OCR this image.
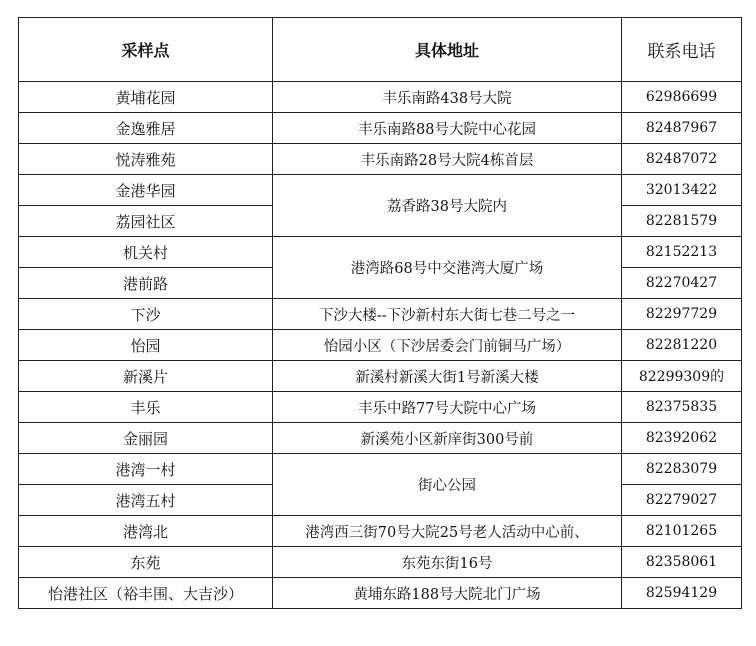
采样点	具体地址	联系电话
黄埔花园	丰乐南路438号大院	62986699
金逸雅居	丰乐南路88号大院中心花园	82487967
悦涛雅苑	丰乐南路28号大院4栋首层	82487072
金港华园	荔香路38号大院内	32013422
荔园社区		82281579
机关村	港湾路68号中交港湾大厦广场	82152213
港前路		82270427
下沙	下沙大楼--下沙新村东大街七巷二号之一	82297729
怡园	怡园小区（下沙居委会门前铜马广场）	82281220
新溪片	新溪村新溪大街1号新溪大楼	82299309的
丰乐	丰乐中路77号大院中心广场	82375835
金丽园	新溪苑小区新庠街300号前	82392062
港湾一村	街心公园	82283079
港湾五村		82279027
港湾北	港湾西三街70号大院25号老人活动中心前、	82101265
东苑	东苑东街16号	82358061
怡港社区（裕丰围、大吉沙）	黄埔东路188号大院北门广场	82594129
